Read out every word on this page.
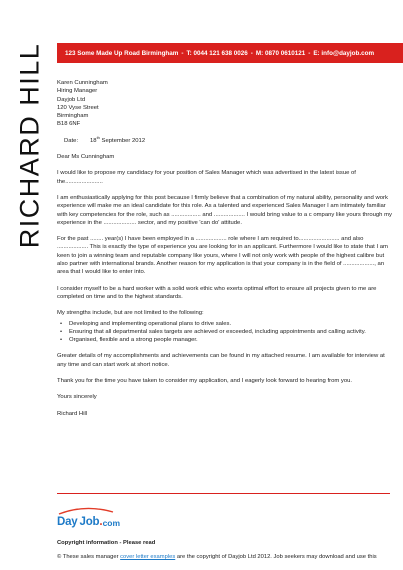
RICHARD HILL	123 Some Made Up Road Birmingham - T: 0044 121 638 0026 - M: 0870 0610121 - E: info@dayjob.com

Karen Cunningham
Hiring Manager
Dayjob Ltd
120 Vyse Street
Birmingham
B18 6NF

Date: 18th September 2012

Dear Ms Cunningham

I would like to propose my candidacy for your position of Sales Manager which was advertised in the latest issue of the.......................

I am enthusiastically applying for this post because I firmly believe that a combination of my natural ability, personality and work experience will make me an ideal candidate for this role. As a talented and experienced Sales Manager I am intimately familiar with key competencies for the role, such as .................. and ................... I would bring value to a c ompany like yours through my experience in the .................... sector, and my positive 'can do' attitude.

For the past ........ year(s) I have been employed in a ................... role where I am required to......................... and also ................... This is exactly the type of experience you are looking for in an applicant. Furthermore I would like to state that I am keen to join a winning team and reputable company like yours, where I will not only work with people of the highest calibre but also partner with international brands. Another reason for my application is that your company is in the field of ..................., an area that I would like to enter into.

I consider myself to be a hard worker with a solid work ethic who exerts optimal effort to ensure all projects given to me are completed on time and to the highest standards.

My strengths include, but are not limited to the following:

• Developing and implementing operational plans to drive sales.
• Ensuring that all departmental sales targets are achieved or exceeded, including appointments and calling activity.
• Organised, flexible and a strong people manager.

Greater details of my accomplishments and achievements can be found in my attached resume. I am available for interview at any time and can start work at short notice.

Thank you for the time you have taken to consider my application, and I eagerly look forward to hearing from you.

Yours sincerely

Richard Hill

Day Job . com
Copyright information - Please read
© These sales manager cover letter examples are the copyright of Dayjob Ltd 2012. Job seekers may download and use this
